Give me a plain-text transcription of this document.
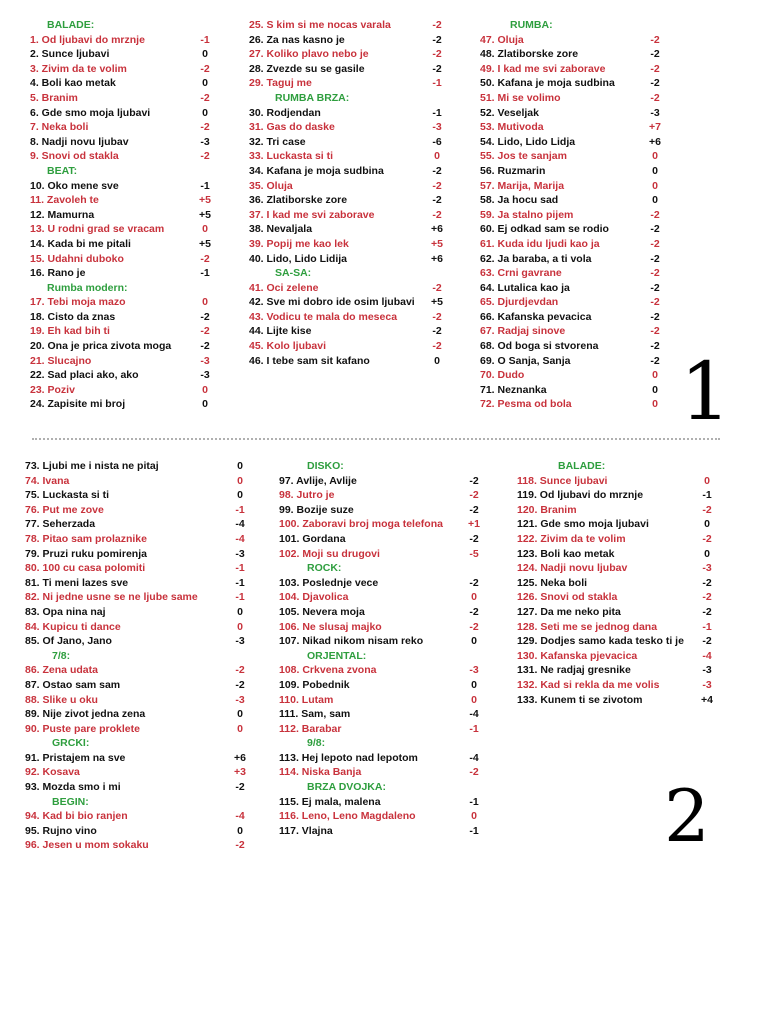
BALADE:
1. Od ljubavi do mrznje	-1
2. Sunce ljubavi	0
3. Zivim da te volim	-2
4. Boli kao metak	0
5. Branim	-2
6. Gde smo moja ljubavi	0
7. Neka boli	-2
8. Nadji novu ljubav	-3
9. Snovi od stakla	-2
BEAT:
10. Oko mene sve	-1
11. Zavoleh te	+5
12. Mamurna	+5
13. U rodni grad se vracam	0
14. Kada bi me pitali	+5
15. Udahni duboko	-2
16. Rano je	-1
Rumba modern:
17. Tebi moja mazo	0
18. Cisto da znas	-2
19. Eh kad bih ti	-2
20. Ona je prica zivota moga	-2
21. Slucajno	-3
22. Sad placi ako, ako	-3
23. Poziv	0
24. Zapisite mi broj	0
25. S kim si me nocas varala	-2
26. Za nas kasno je	-2
27. Koliko plavo nebo je	-2
28. Zvezde su se gasile	-2
29. Taguj me	-1
RUMBA BRZA:
30. Rodjendan	-1
31. Gas do daske	-3
32. Tri case	-6
33. Luckasta si ti	0
34. Kafana je moja sudbina	-2
35. Oluja	-2
36. Zlatiborske zore	-2
37. I kad me svi zaborave	-2
38. Nevaljala	+6
39. Popij me kao lek	+5
40. Lido, Lido Lidija	+6
SA-SA:
41. Oci zelene	-2
42. Sve mi dobro ide osim ljubavi	+5
43. Vodicu te mala do meseca	-2
44. Lijte kise	-2
45. Kolo ljubavi	-2
46. I tebe sam sit kafano	0
RUMBA:
47. Oluja	-2
48. Zlatiborske zore	-2
49. I kad me svi zaborave	-2
50. Kafana je moja sudbina	-2
51. Mi se volimo	-2
52. Veseljak	-3
53. Mutivoda	+7
54. Lido, Lido Lidja	+6
55. Jos te sanjam	0
56. Ruzmarin	0
57. Marija, Marija	0
58. Ja hocu sad	0
59. Ja stalno pijem	-2
60. Ej odkad sam se rodio	-2
61. Kuda idu ljudi kao ja	-2
62. Ja baraba, a ti vola	-2
63. Crni gavrane	-2
64. Lutalica kao ja	-2
65. Djurdjevdan	-2
66. Kafanska pevacica	-2
67. Radjaj sinove	-2
68. Od boga si stvorena	-2
69. O Sanja, Sanja	-2
70. Dudo	0
71. Neznanka	0
72. Pesma od bola	0 1
73. Ljubi me i nista ne pitaj	0
74. Ivana	0
75. Luckasta si ti	0
76. Put me zove	-1
77. Seherzada	-4
78. Pitao sam prolaznike	-4
79. Pruzi ruku pomirenja	-3
80. 100 cu casa polomiti	-1
81. Ti meni lazes sve	-1
82. Ni jedne usne se ne ljube same	-1
83. Opa nina naj	0
84. Kupicu ti dance	0
85. Of Jano, Jano	-3
7/8:
86. Zena udata	-2
87. Ostao sam sam	-2
88. Slike u oku	-3
89. Nije zivot jedna zena	0
90. Puste pare proklete	0
GRCKI:
91. Pristajem na sve	+6
92. Kosava	+3
93. Mozda smo i mi	-2
BEGIN:
94. Kad bi bio ranjen	-4
95. Rujno vino	0
96. Jesen u mom sokaku	-2
DISKO:
97. Avlije, Avlije	-2
98. Jutro je	-2
99. Bozije suze	-2
100. Zaboravi broj moga telefona	+1
101. Gordana	-2
102. Moji su drugovi	-5
ROCK:
103. Poslednje vece	-2
104. Djavolica	0
105. Nevera moja	-2
106. Ne slusaj majko	-2
107. Nikad nikom nisam reko	0
ORJENTAL:
108. Crkvena zvona	-3
109. Pobednik	0
110. Lutam	0
111. Sam, sam	-4
112. Barabar	-1
9/8:
113. Hej lepoto nad lepotom	-4
114. Niska Banja	-2
BRZA DVOJKA:
115. Ej mala, malena	-1
116. Leno, Leno Magdaleno	0
117. Vlajna	-1
BALADE:
118. Sunce ljubavi	0
119. Od ljubavi do mrznje	-1
120. Branim	-2
121. Gde smo moja ljubavi	0
122. Zivim da te volim	-2
123. Boli kao metak	0
124. Nadji novu ljubav	-3
125. Neka boli	-2
126. Snovi od stakla	-2
127. Da me neko pita	-2
128. Seti me se jednog dana	-1
129. Dodjes samo kada tesko ti je	-2
130. Kafanska pjevacica	-4
131. Ne radjaj gresnike	-3
132. Kad si rekla da me volis	-3
133. Kunem ti se zivotom	+4
2
